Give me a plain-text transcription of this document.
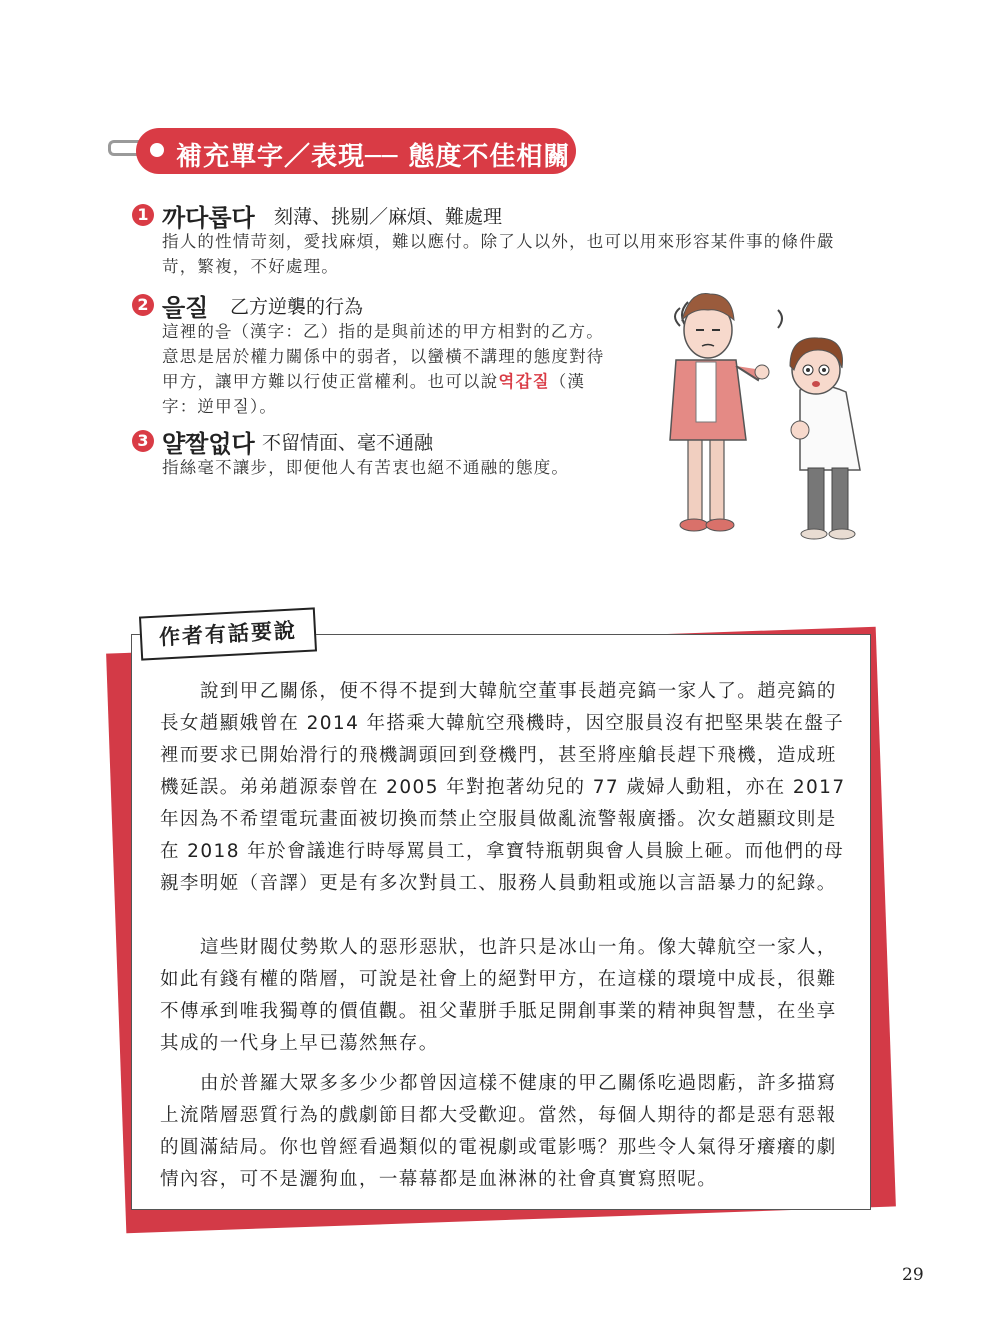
補充單字／表現── 態度不佳相關
1 까다롭다 刻薄、挑剔／麻煩、難處理
指人的性情苛刻，愛找麻煩，難以應付。除了人以外，也可以用來形容某件事的條件嚴
苛，繁複，不好處理。
2 을질 乙方逆襲的行為
這裡的을（漢字：乙）指的是與前述的甲方相對的乙方。
意思是居於權力關係中的弱者，以蠻橫不講理的態度對待
甲方，讓甲方難以行使正當權利。也可以說역갑질（漢
字：逆甲질）。
3 얄짤없다 不留情面、毫不通融
指絲毫不讓步，即便他人有苦衷也絕不通融的態度。
作者有話要說
說到甲乙關係，便不得不提到大韓航空董事長趙亮鎬一家人了。趙亮鎬的長女趙顯娥曾在 2014 年搭乘大韓航空飛機時，因空服員沒有把堅果裝在盤子裡而要求已開始滑行的飛機調頭回到登機門，甚至將座艙長趕下飛機，造成班機延誤。弟弟趙源泰曾在 2005 年對抱著幼兒的 77 歲婦人動粗，亦在 2017 年因為不希望電玩畫面被切換而禁止空服員做亂流警報廣播。次女趙顯玟則是在 2018 年於會議進行時辱罵員工，拿寶特瓶朝與會人員臉上砸。而他們的母親李明姬（音譯）更是有多次對員工、服務人員動粗或施以言語暴力的紀錄。
這些財閥仗勢欺人的惡形惡狀，也許只是冰山一角。像大韓航空一家人，如此有錢有權的階層，可說是社會上的絕對甲方，在這樣的環境中成長，很難不傳承到唯我獨尊的價值觀。祖父輩胼手胝足開創事業的精神與智慧，在坐享其成的一代身上早已蕩然無存。
由於普羅大眾多多少少都曾因這樣不健康的甲乙關係吃過悶虧，許多描寫上流階層惡質行為的戲劇節目都大受歡迎。當然，每個人期待的都是惡有惡報的圓滿結局。你也曾經看過類似的電視劇或電影嗎？那些令人氣得牙癢癢的劇情內容，可不是灑狗血，一幕幕都是血淋淋的社會真實寫照呢。
29
